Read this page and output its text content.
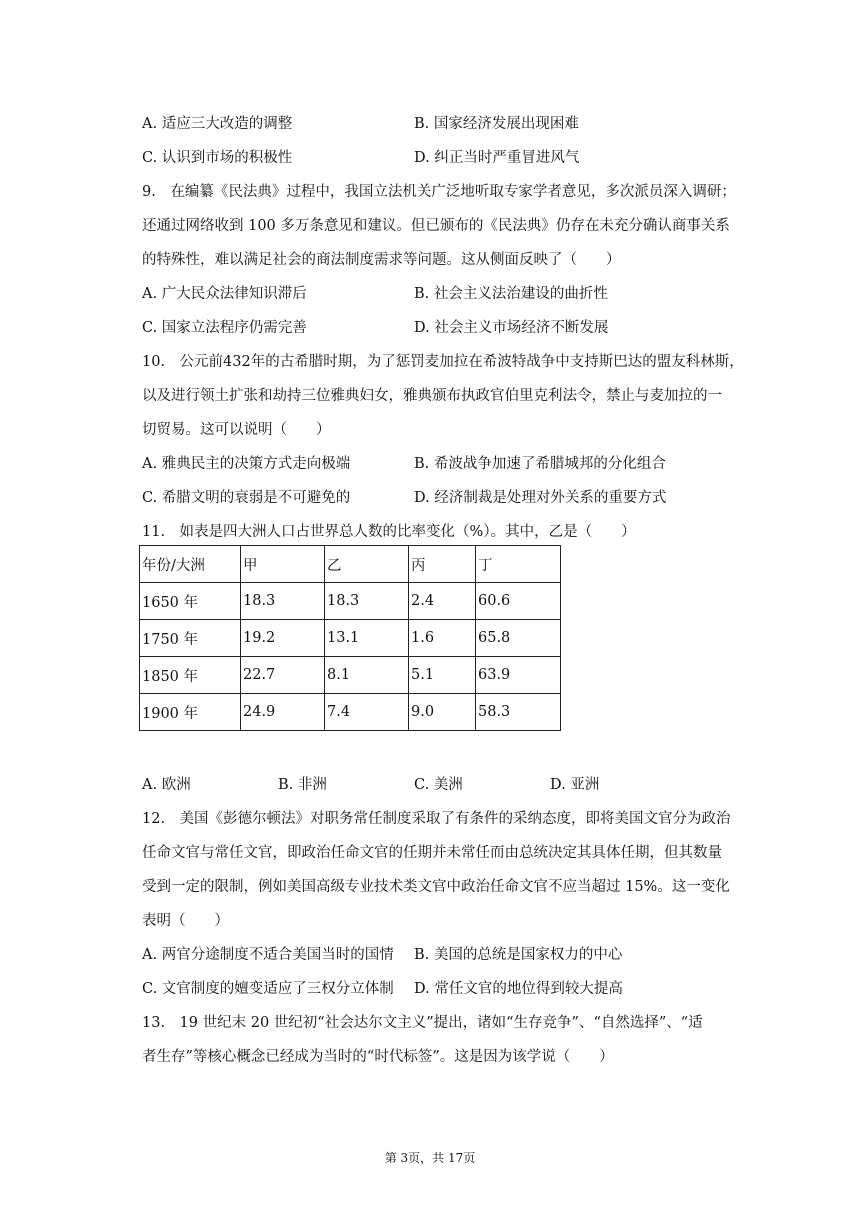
A. 适应三大改造的调整	B. 国家经济发展出现困难
C. 认识到市场的积极性	D. 纠正当时严重冒进风气
9.　在编纂《民法典》过程中，我国立法机关广泛地听取专家学者意见，多次派员深入调研；
还通过网络收到 100 多万条意见和建议。但已颁布的《民法典》仍存在未充分确认商事关系
的特殊性，难以满足社会的商法制度需求等问题。这从侧面反映了（　　）
A. 广大民众法律知识滞后	B. 社会主义法治建设的曲折性
C. 国家立法程序仍需完善	D. 社会主义市场经济不断发展
10.　公元前432年的古希腊时期，为了惩罚麦加拉在希波特战争中支持斯巴达的盟友科林斯，
以及进行领土扩张和劫持三位雅典妇女，雅典颁布执政官伯里克利法令，禁止与麦加拉的一
切贸易。这可以说明（　　）
A. 雅典民主的决策方式走向极端	B. 希波战争加速了希腊城邦的分化组合
C. 希腊文明的衰弱是不可避免的	D. 经济制裁是处理对外关系的重要方式
11.　如表是四大洲人口占世界总人数的比率变化（%）。其中，乙是（　　）
年份/大洲	甲	乙	丙	丁
1650 年	18.3	18.3	2.4	60.6
1750 年	19.2	13.1	1.6	65.8
1850 年	22.7	8.1	5.1	63.9
1900 年	24.9	7.4	9.0	58.3
A. 欧洲	B. 非洲	C. 美洲	D. 亚洲
12.　美国《彭德尔顿法》对职务常任制度采取了有条件的采纳态度，即将美国文官分为政治
任命文官与常任文官，即政治任命文官的任期并未常任而由总统决定其具体任期，但其数量
受到一定的限制，例如美国高级专业技术类文官中政治任命文官不应当超过 15%。这一变化
表明（　　）
A. 两官分途制度不适合美国当时的国情 B. 美国的总统是国家权力的中心
C. 文官制度的嬗变适应了三权分立体制 D. 常任文官的地位得到较大提高
13.　19 世纪末 20 世纪初“社会达尔文主义”提出，诸如“生存竞争”、“自然选择”、“适
者生存”等核心概念已经成为当时的“时代标签”。这是因为该学说（　　）
第 3页，共 17页
